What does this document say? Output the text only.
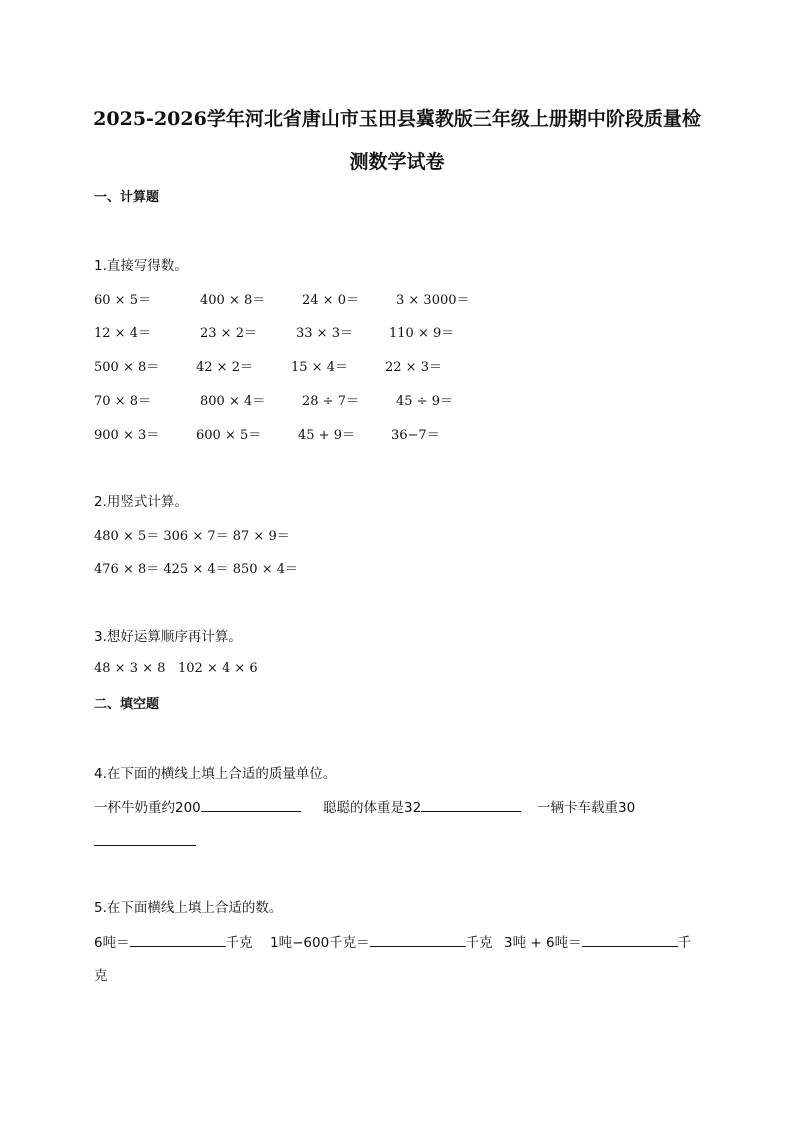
2025-2026学年河北省唐山市玉田县冀教版三年级上册期中阶段质量检
测数学试卷
一、计算题
1.直接写得数。
60 × 5＝	400 × 8＝	24 × 0＝	3 × 3000＝
12 × 4＝	23 × 2＝	33 × 3＝	110 × 9＝
500 × 8＝	42 × 2＝	15 × 4＝	22 × 3＝
70 × 8＝	800 × 4＝	28 ÷ 7＝	45 ÷ 9＝
900 × 3＝	600 × 5＝	45 + 9＝	36−7＝
2.用竖式计算。
480 × 5＝ 306 × 7＝ 87 × 9＝
476 × 8＝ 425 × 4＝ 850 × 4＝
3.想好运算顺序再计算。
48 × 3 × 8 102 × 4 × 6
二、填空题
4.在下面的横线上填上合适的质量单位。
一杯牛奶重约200	聪聪的体重是32	一辆卡车载重30
5.在下面横线上填上合适的数。
6吨＝	千克 1吨−600千克＝	千克 3吨 + 6吨＝	千
克
